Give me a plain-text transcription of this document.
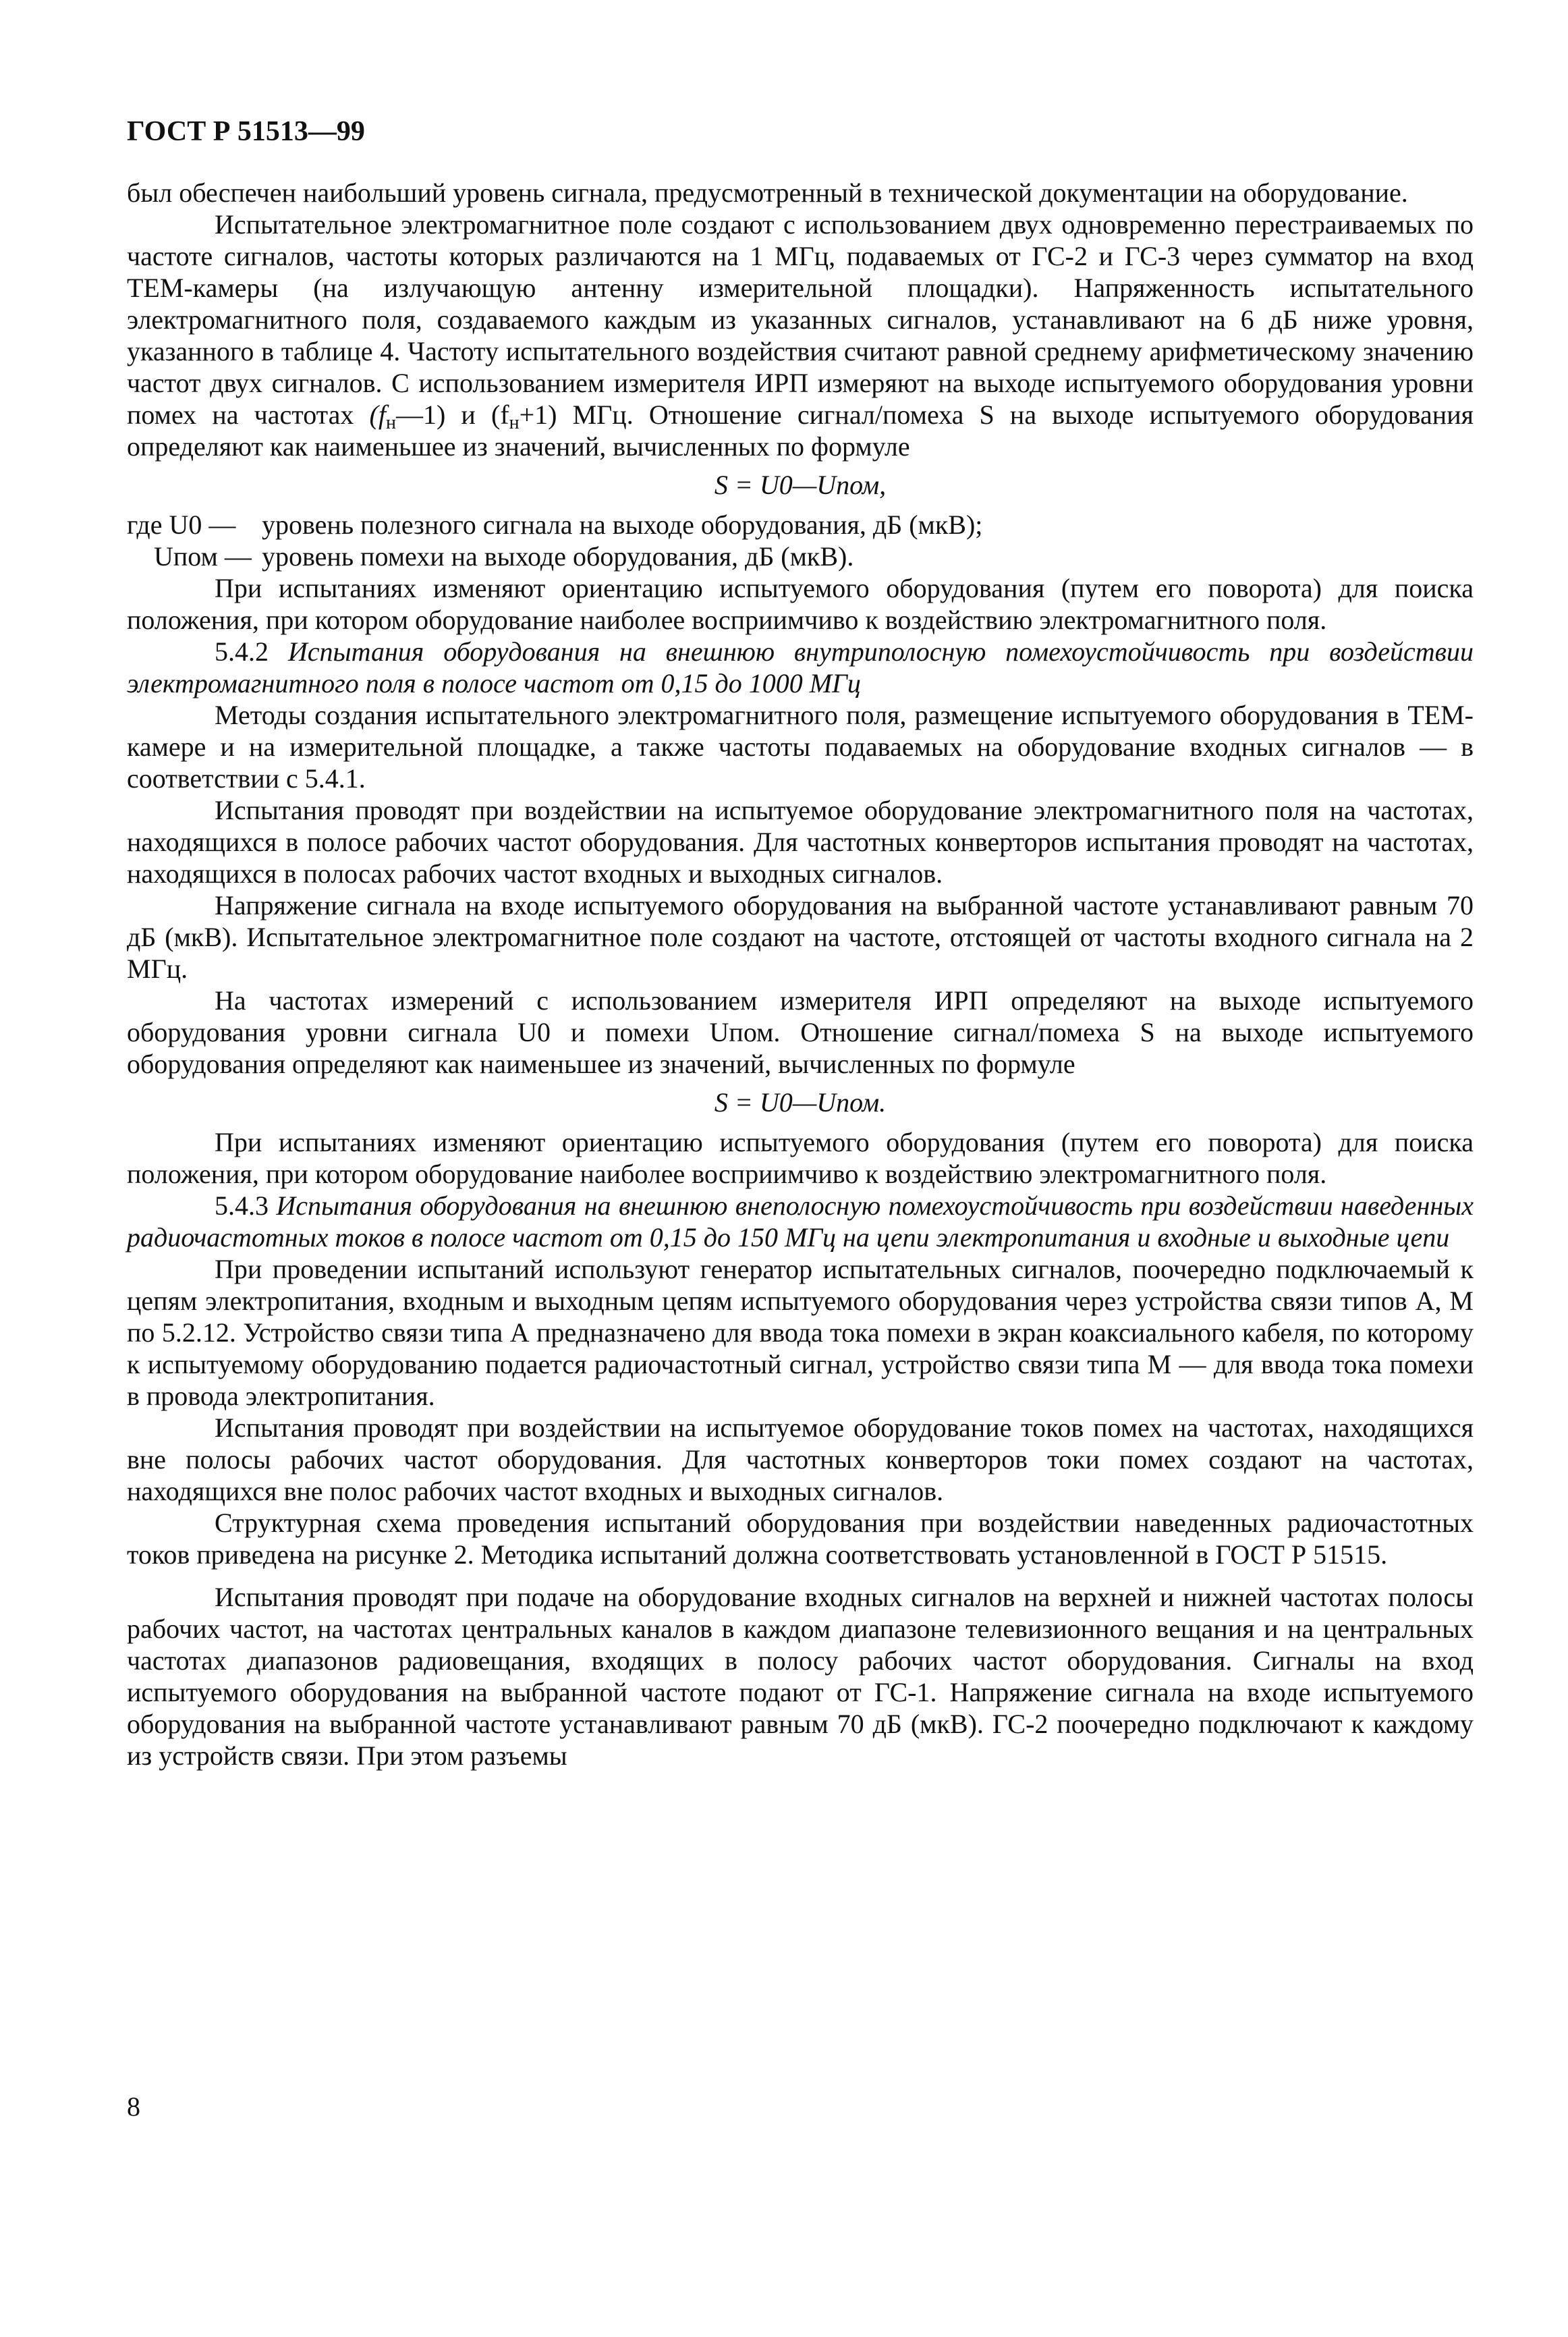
ГОСТ Р 51513—99

был обеспечен наибольший уровень сигнала, предусмотренный в технической документации на оборудование.

Испытательное электромагнитное поле создают с использованием двух одновременно перестраиваемых по частоте сигналов, частоты которых различаются на 1 МГц, подаваемых от ГС-2 и ГС-3 через сумматор на вход ТЕМ-камеры (на излучающую антенну измерительной площадки). Напряженность испытательного электромагнитного поля, создаваемого каждым из указанных сигналов, устанавливают на 6 дБ ниже уровня, указанного в таблице 4. Частоту испытательного воздействия считают равной среднему арифметическому значению частот двух сигналов. С использованием измерителя ИРП измеряют на выходе испытуемого оборудования уровни помех на частотах $(f_н—1)$ и $(f_н+1)$ МГц. Отношение сигнал/помеха S на выходе испытуемого оборудования определяют как наименьшее из значений, вычисленных по формуле

S = U0—Uпом,

где U0 — уровень полезного сигнала на выходе оборудования, дБ (мкВ);

Uпом — уровень помехи на выходе оборудования, дБ (мкВ).

При испытаниях изменяют ориентацию испытуемого оборудования (путем его поворота) для поиска положения, при котором оборудование наиболее восприимчиво к воздействию электромагнитного поля.

5.4.2 Испытания оборудования на внешнюю внутриполосную помехоустойчивость при воздействии электромагнитного поля в полосе частот от 0,15 до 1000 МГц

Методы создания испытательного электромагнитного поля, размещение испытуемого оборудования в ТЕМ-камере и на измерительной площадке, а также частоты подаваемых на оборудование входных сигналов — в соответствии с 5.4.1.

Испытания проводят при воздействии на испытуемое оборудование электромагнитного поля на частотах, находящихся в полосе рабочих частот оборудования. Для частотных конверторов испытания проводят на частотах, находящихся в полосах рабочих частот входных и выходных сигналов.

Напряжение сигнала на входе испытуемого оборудования на выбранной частоте устанавливают равным 70 дБ (мкВ). Испытательное электромагнитное поле создают на частоте, отстоящей от частоты входного сигнала на 2 МГц.

На частотах измерений с использованием измерителя ИРП определяют на выходе испытуемого оборудования уровни сигнала U0 и помехи Uпом. Отношение сигнал/помеха S на выходе испытуемого оборудования определяют как наименьшее из значений, вычисленных по формуле

S = U0—Uпом.

При испытаниях изменяют ориентацию испытуемого оборудования (путем его поворота) для поиска положения, при котором оборудование наиболее восприимчиво к воздействию электромагнитного поля.

5.4.3 Испытания оборудования на внешнюю внеполосную помехоустойчивость при воздействии наведенных радиочастотных токов в полосе частот от 0,15 до 150 МГц на цепи электропитания и входные и выходные цепи

При проведении испытаний используют генератор испытательных сигналов, поочередно подключаемый к цепям электропитания, входным и выходным цепям испытуемого оборудования через устройства связи типов А, М по 5.2.12. Устройство связи типа А предназначено для ввода тока помехи в экран коаксиального кабеля, по которому к испытуемому оборудованию подается радиочастотный сигнал, устройство связи типа М — для ввода тока помехи в провода электропитания.

Испытания проводят при воздействии на испытуемое оборудование токов помех на частотах, находящихся вне полосы рабочих частот оборудования. Для частотных конверторов токи помех создают на частотах, находящихся вне полос рабочих частот входных и выходных сигналов.

Структурная схема проведения испытаний оборудования при воздействии наведенных радиочастотных токов приведена на рисунке 2. Методика испытаний должна соответствовать установленной в ГОСТ Р 51515.

Испытания проводят при подаче на оборудование входных сигналов на верхней и нижней частотах полосы рабочих частот, на частотах центральных каналов в каждом диапазоне телевизионного вещания и на центральных частотах диапазонов радиовещания, входящих в полосу рабочих частот оборудования. Сигналы на вход испытуемого оборудования на выбранной частоте подают от ГС-1. Напряжение сигнала на входе испытуемого оборудования на выбранной частоте устанавливают равным 70 дБ (мкВ). ГС-2 поочередно подключают к каждому из устройств связи. При этом разъемы

8
